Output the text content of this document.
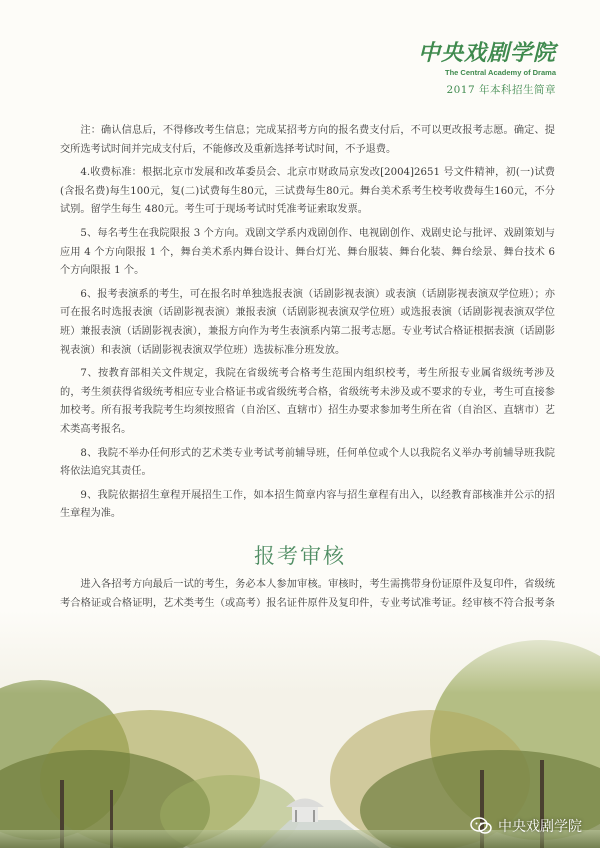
中央戏剧学院
The Central Academy of Drama
2017 年本科招生简章

注：确认信息后，不得修改考生信息；完成某招考方向的报名费支付后，不可以更改报考志愿。确定、提交所选考试时间并完成支付后，不能修改及重新选择考试时间，不予退费。

4.收费标准：根据北京市发展和改革委员会、北京市财政局京发改[2004]2651 号文件精神，初(一)试费(含报名费)每生100元，复(二)试费每生80元，三试费每生80元。舞台美术系考生校考收费每生160元，不分试别。留学生每生 480元。考生可于现场考试时凭准考证索取发票。

5、每名考生在我院限报 3 个方向。戏剧文学系内戏剧创作、电视剧创作、戏剧史论与批评、戏剧策划与应用 4 个方向限报 1 个，舞台美术系内舞台设计、舞台灯光、舞台服装、舞台化装、舞台绘景、舞台技术 6 个方向限报 1 个。

6、报考表演系的考生，可在报名时单独选报表演（话剧影视表演）或表演（话剧影视表演双学位班）；亦可在报名时选报表演（话剧影视表演）兼报表演（话剧影视表演双学位班）或选报表演（话剧影视表演双学位班）兼报表演（话剧影视表演），兼报方向作为考生表演系内第二报考志愿。专业考试合格证根据表演（话剧影视表演）和表演（话剧影视表演双学位班）选拔标准分班发放。

7、按教育部相关文件规定，我院在省级统考合格考生范围内组织校考，考生所报专业属省级统考涉及的，考生须获得省级统考相应专业合格证书或省级统考合格，省级统考未涉及或不要求的专业，考生可直接参加校考。所有报考我院考生均须按照省（自治区、直辖市）招生办要求参加考生所在省（自治区、直辖市）艺术类高考报名。

8、我院不举办任何形式的艺术类专业考试考前辅导班，任何单位或个人以我院名义举办考前辅导班我院将依法追究其责任。

9、我院依据招生章程开展招生工作，如本招生简章内容与招生章程有出入，以经教育部核准并公示的招生章程为准。

报考审核

进入各招考方向最后一试的考生，务必本人参加审核。审核时，考生需携带身份证原件及复印件，省级统考合格证或合格证明，艺术类考生（或高考）报名证件原件及复印件，专业考试准考证。经审核不符合报考条

中央戏剧学院
